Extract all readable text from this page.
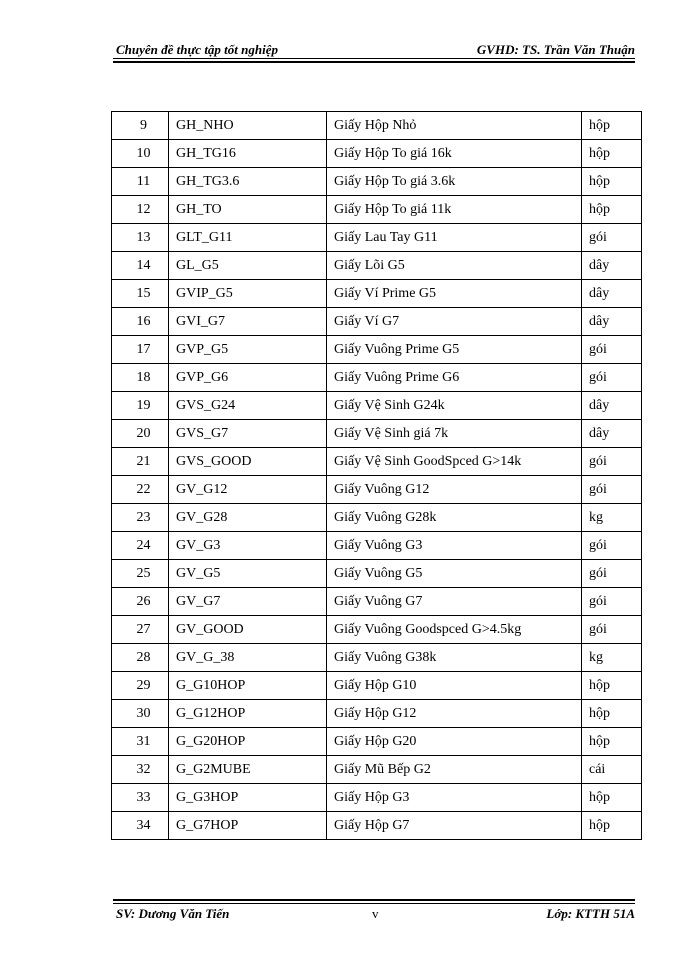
Chuyên đề thực tập tốt nghiệp	GVHD: TS. Trần Văn Thuận
9	GH_NHO	Giấy Hộp Nhỏ	hộp
10	GH_TG16	Giấy Hộp To giá 16k	hộp
11	GH_TG3.6	Giấy Hộp To giá 3.6k	hộp
12	GH_TO	Giấy Hộp To giá 11k	hộp
13	GLT_G11	Giấy Lau Tay G11	gói
14	GL_G5	Giấy Lõi G5	dây
15	GVIP_G5	Giấy Ví Prime G5	dây
16	GVI_G7	Giấy Ví G7	dây
17	GVP_G5	Giấy Vuông Prime G5	gói
18	GVP_G6	Giấy Vuông Prime G6	gói
19	GVS_G24	Giấy Vệ Sinh G24k	dây
20	GVS_G7	Giấy Vệ Sinh giá 7k	dây
21	GVS_GOOD	Giấy Vệ Sinh GoodSpced G>14k	gói
22	GV_G12	Giấy Vuông G12	gói
23	GV_G28	Giấy Vuông G28k	kg
24	GV_G3	Giấy Vuông G3	gói
25	GV_G5	Giấy Vuông G5	gói
26	GV_G7	Giấy Vuông G7	gói
27	GV_GOOD	Giấy Vuông Goodspced G>4.5kg	gói
28	GV_G_38	Giấy Vuông G38k	kg
29	G_G10HOP	Giấy Hộp G10	hộp
30	G_G12HOP	Giấy Hộp G12	hộp
31	G_G20HOP	Giấy Hộp G20	hộp
32	G_G2MUBE	Giấy Mũ Bếp G2	cái
33	G_G3HOP	Giấy Hộp G3	hộp
34	G_G7HOP	Giấy Hộp G7	hộp
SV: Dương Văn Tiến	v	Lớp: KTTH 51A
